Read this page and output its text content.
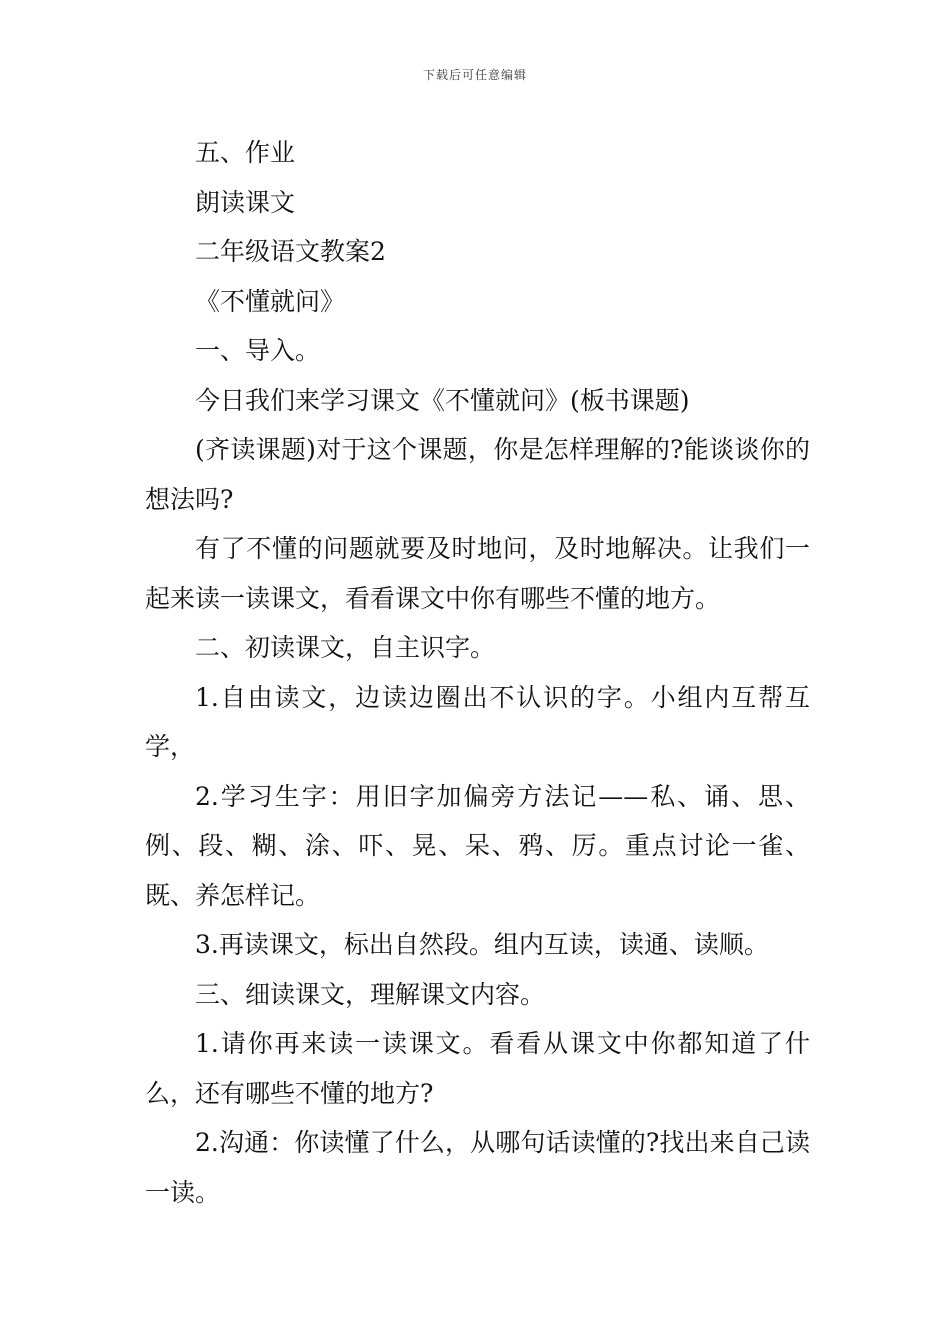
下载后可任意编辑

五、作业

朗读课文

二年级语文教案2

《不懂就问》

一、导入。

今日我们来学习课文《不懂就问》(板书课题)

(齐读课题)对于这个课题，你是怎样理解的?能谈谈你的想法吗?

有了不懂的问题就要及时地问，及时地解决。让我们一起来读一读课文，看看课文中你有哪些不懂的地方。

二、初读课文，自主识字。

1.自由读文，边读边圈出不认识的字。小组内互帮互学，

2.学习生字：用旧字加偏旁方法记——私、诵、思、例、段、糊、涂、吓、晃、呆、鸦、厉。重点讨论一雀、既、养怎样记。

3.再读课文，标出自然段。组内互读，读通、读顺。

三、细读课文，理解课文内容。

1.请你再来读一读课文。看看从课文中你都知道了什么，还有哪些不懂的地方?

2.沟通：你读懂了什么，从哪句话读懂的?找出来自己读一读。
